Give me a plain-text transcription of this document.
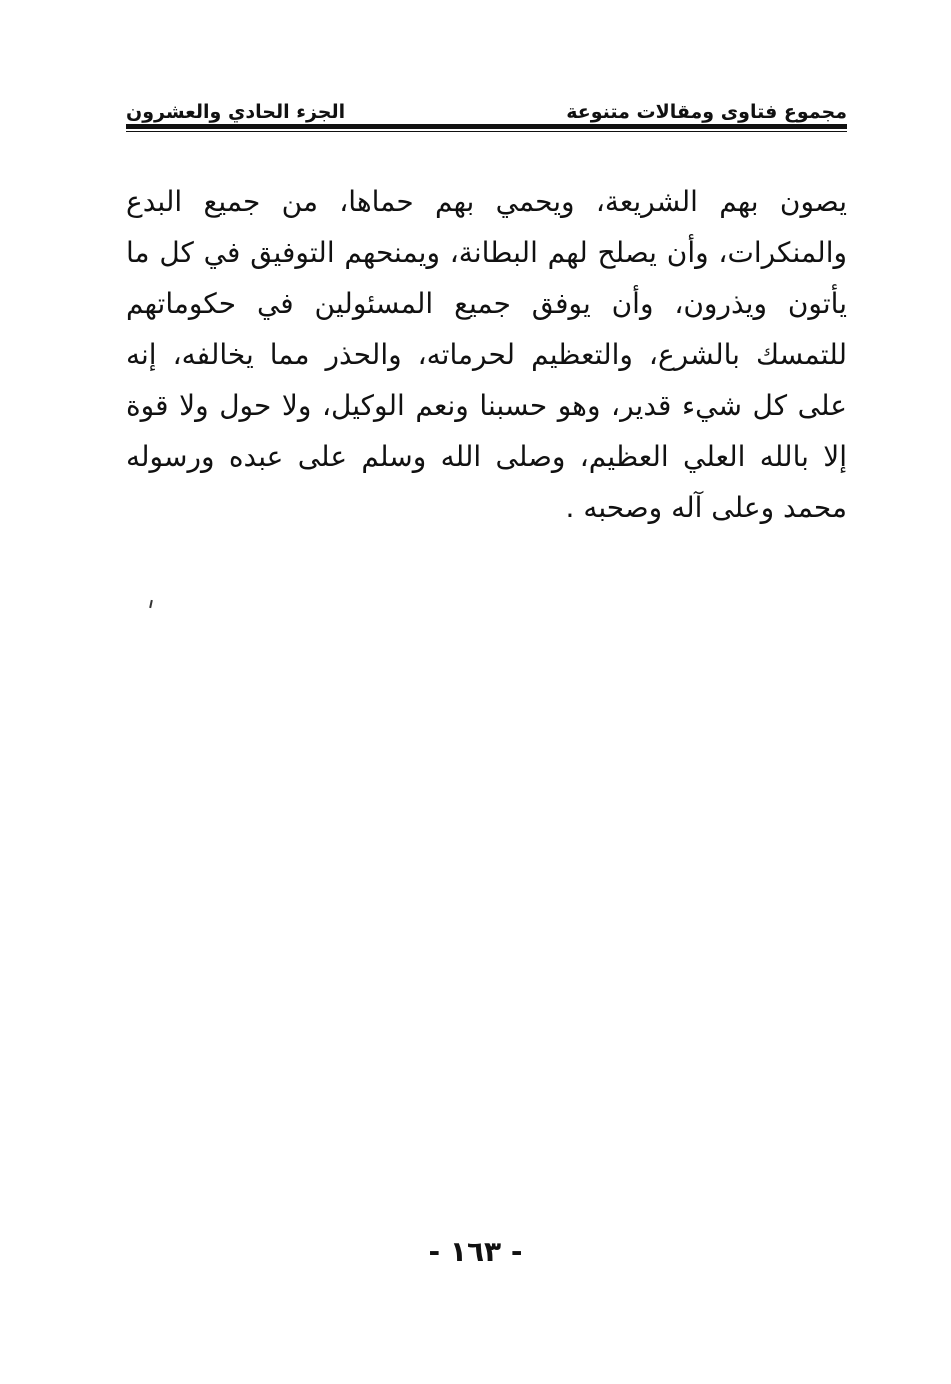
مجموع فتاوى ومقالات متنوعة
الجزء الحادي والعشرون

يصون بهم الشريعة، ويحمي بهم حماها، من جميع البدع والمنكرات، وأن يصلح لهم البطانة، ويمنحهم التوفيق في كل ما يأتون ويذرون، وأن يوفق جميع المسئولين في حكوماتهم للتمسك بالشرع، والتعظيم لحرماته، والحذر مما يخالفه، إنه على كل شيء قدير، وهو حسبنا ونعم الوكيل، ولا حول ولا قوة إلا بالله العلي العظيم، وصلى الله وسلم على عبده ورسوله محمد وعلى آله وصحبه .

- ١٦٣ -
